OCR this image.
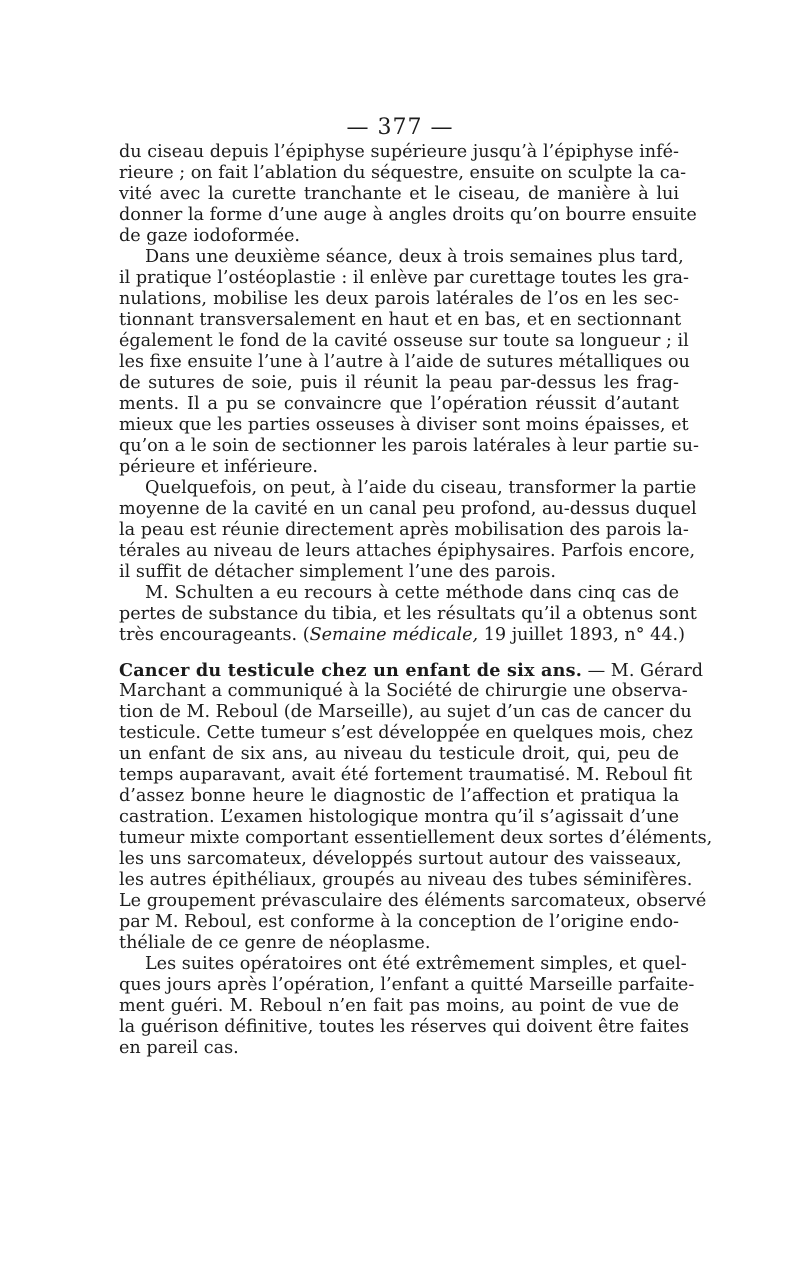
— 377 —
du ciseau depuis l’épiphyse supérieure jusqu’à l’épiphyse infé-
rieure ; on fait l’ablation du séquestre, ensuite on sculpte la ca-
vité avec la curette tranchante et le ciseau, de manière à lui
donner la forme d’une auge à angles droits qu’on bourre ensuite
de gaze iodoformée.
Dans une deuxième séance, deux à trois semaines plus tard,
il pratique l’ostéoplastie : il enlève par curettage toutes les gra-
nulations, mobilise les deux parois latérales de l’os en les sec-
tionnant transversalement en haut et en bas, et en sectionnant
également le fond de la cavité osseuse sur toute sa longueur ; il
les fixe ensuite l’une à l’autre à l’aide de sutures métalliques ou
de sutures de soie, puis il réunit la peau par-dessus les frag-
ments. Il a pu se convaincre que l’opération réussit d’autant
mieux que les parties osseuses à diviser sont moins épaisses, et
qu’on a le soin de sectionner les parois latérales à leur partie su-
périeure et inférieure.
Quelquefois, on peut, à l’aide du ciseau, transformer la partie
moyenne de la cavité en un canal peu profond, au-dessus duquel
la peau est réunie directement après mobilisation des parois la-
térales au niveau de leurs attaches épiphysaires. Parfois encore,
il suffit de détacher simplement l’une des parois.
M. Schulten a eu recours à cette méthode dans cinq cas de
pertes de substance du tibia, et les résultats qu’il a obtenus sont
très encourageants. (Semaine médicale, 19 juillet 1893, n° 44.)
Cancer du testicule chez un enfant de six ans. — M. Gérard
Marchant a communiqué à la Société de chirurgie une observa-
tion de M. Reboul (de Marseille), au sujet d’un cas de cancer du
testicule. Cette tumeur s’est développée en quelques mois, chez
un enfant de six ans, au niveau du testicule droit, qui, peu de
temps auparavant, avait été fortement traumatisé. M. Reboul fit
d’assez bonne heure le diagnostic de l’affection et pratiqua la
castration. L’examen histologique montra qu’il s’agissait d’une
tumeur mixte comportant essentiellement deux sortes d’éléments,
les uns sarcomateux, développés surtout autour des vaisseaux,
les autres épithéliaux, groupés au niveau des tubes séminifères.
Le groupement prévasculaire des éléments sarcomateux, observé
par M. Reboul, est conforme à la conception de l’origine endo-
théliale de ce genre de néoplasme.
Les suites opératoires ont été extrêmement simples, et quel-
ques jours après l’opération, l’enfant a quitté Marseille parfaite-
ment guéri. M. Reboul n’en fait pas moins, au point de vue de
la guérison définitive, toutes les réserves qui doivent être faites
en pareil cas.
